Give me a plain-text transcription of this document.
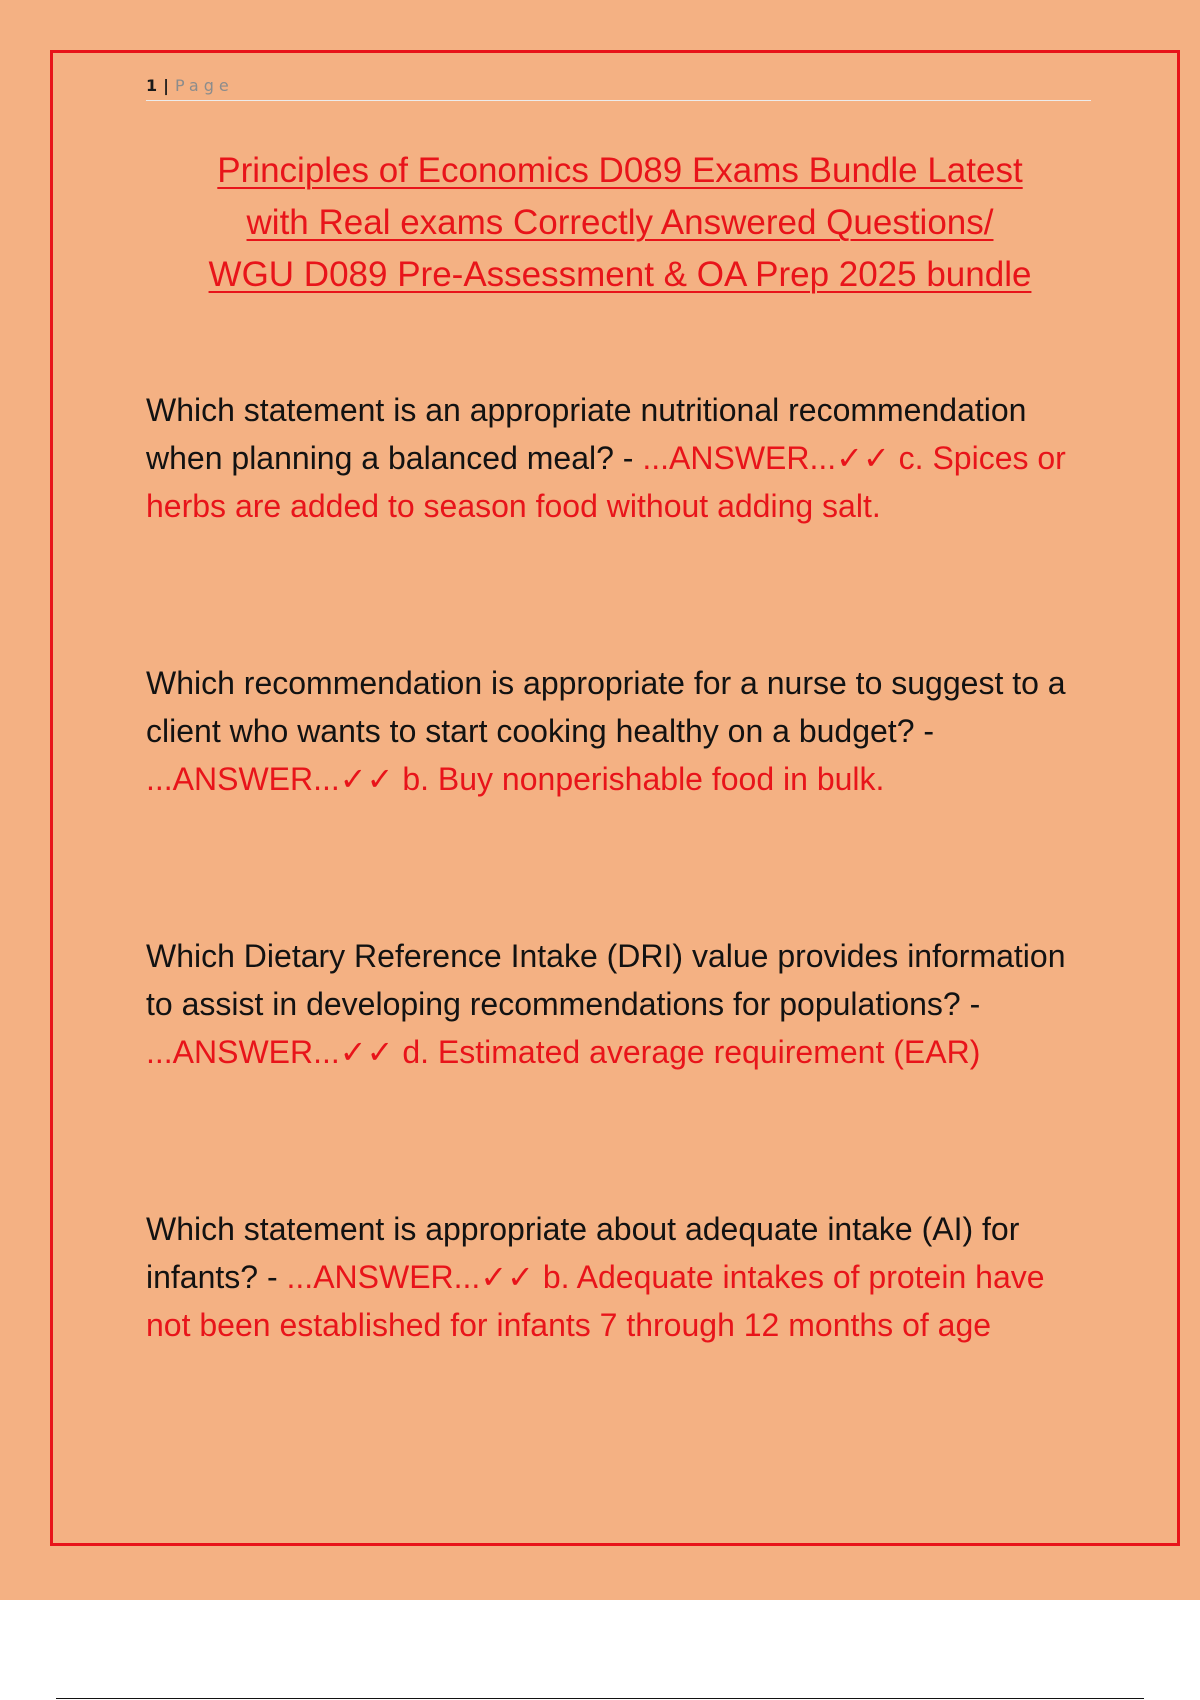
1 | Page
Principles of Economics D089 Exams Bundle Latest
with Real exams Correctly Answered Questions/
WGU D089 Pre-Assessment & OA Prep 2025 bundle

Which statement is an appropriate nutritional recommendation when planning a balanced meal? - ...ANSWER...✓✓ c. Spices or herbs are added to season food without adding salt.

Which recommendation is appropriate for a nurse to suggest to a client who wants to start cooking healthy on a budget? - ...ANSWER...✓✓ b. Buy nonperishable food in bulk.

Which Dietary Reference Intake (DRI) value provides information to assist in developing recommendations for populations? - ...ANSWER...✓✓ d. Estimated average requirement (EAR)

Which statement is appropriate about adequate intake (AI) for infants? - ...ANSWER...✓✓ b. Adequate intakes of protein have not been established for infants 7 through 12 months of age
